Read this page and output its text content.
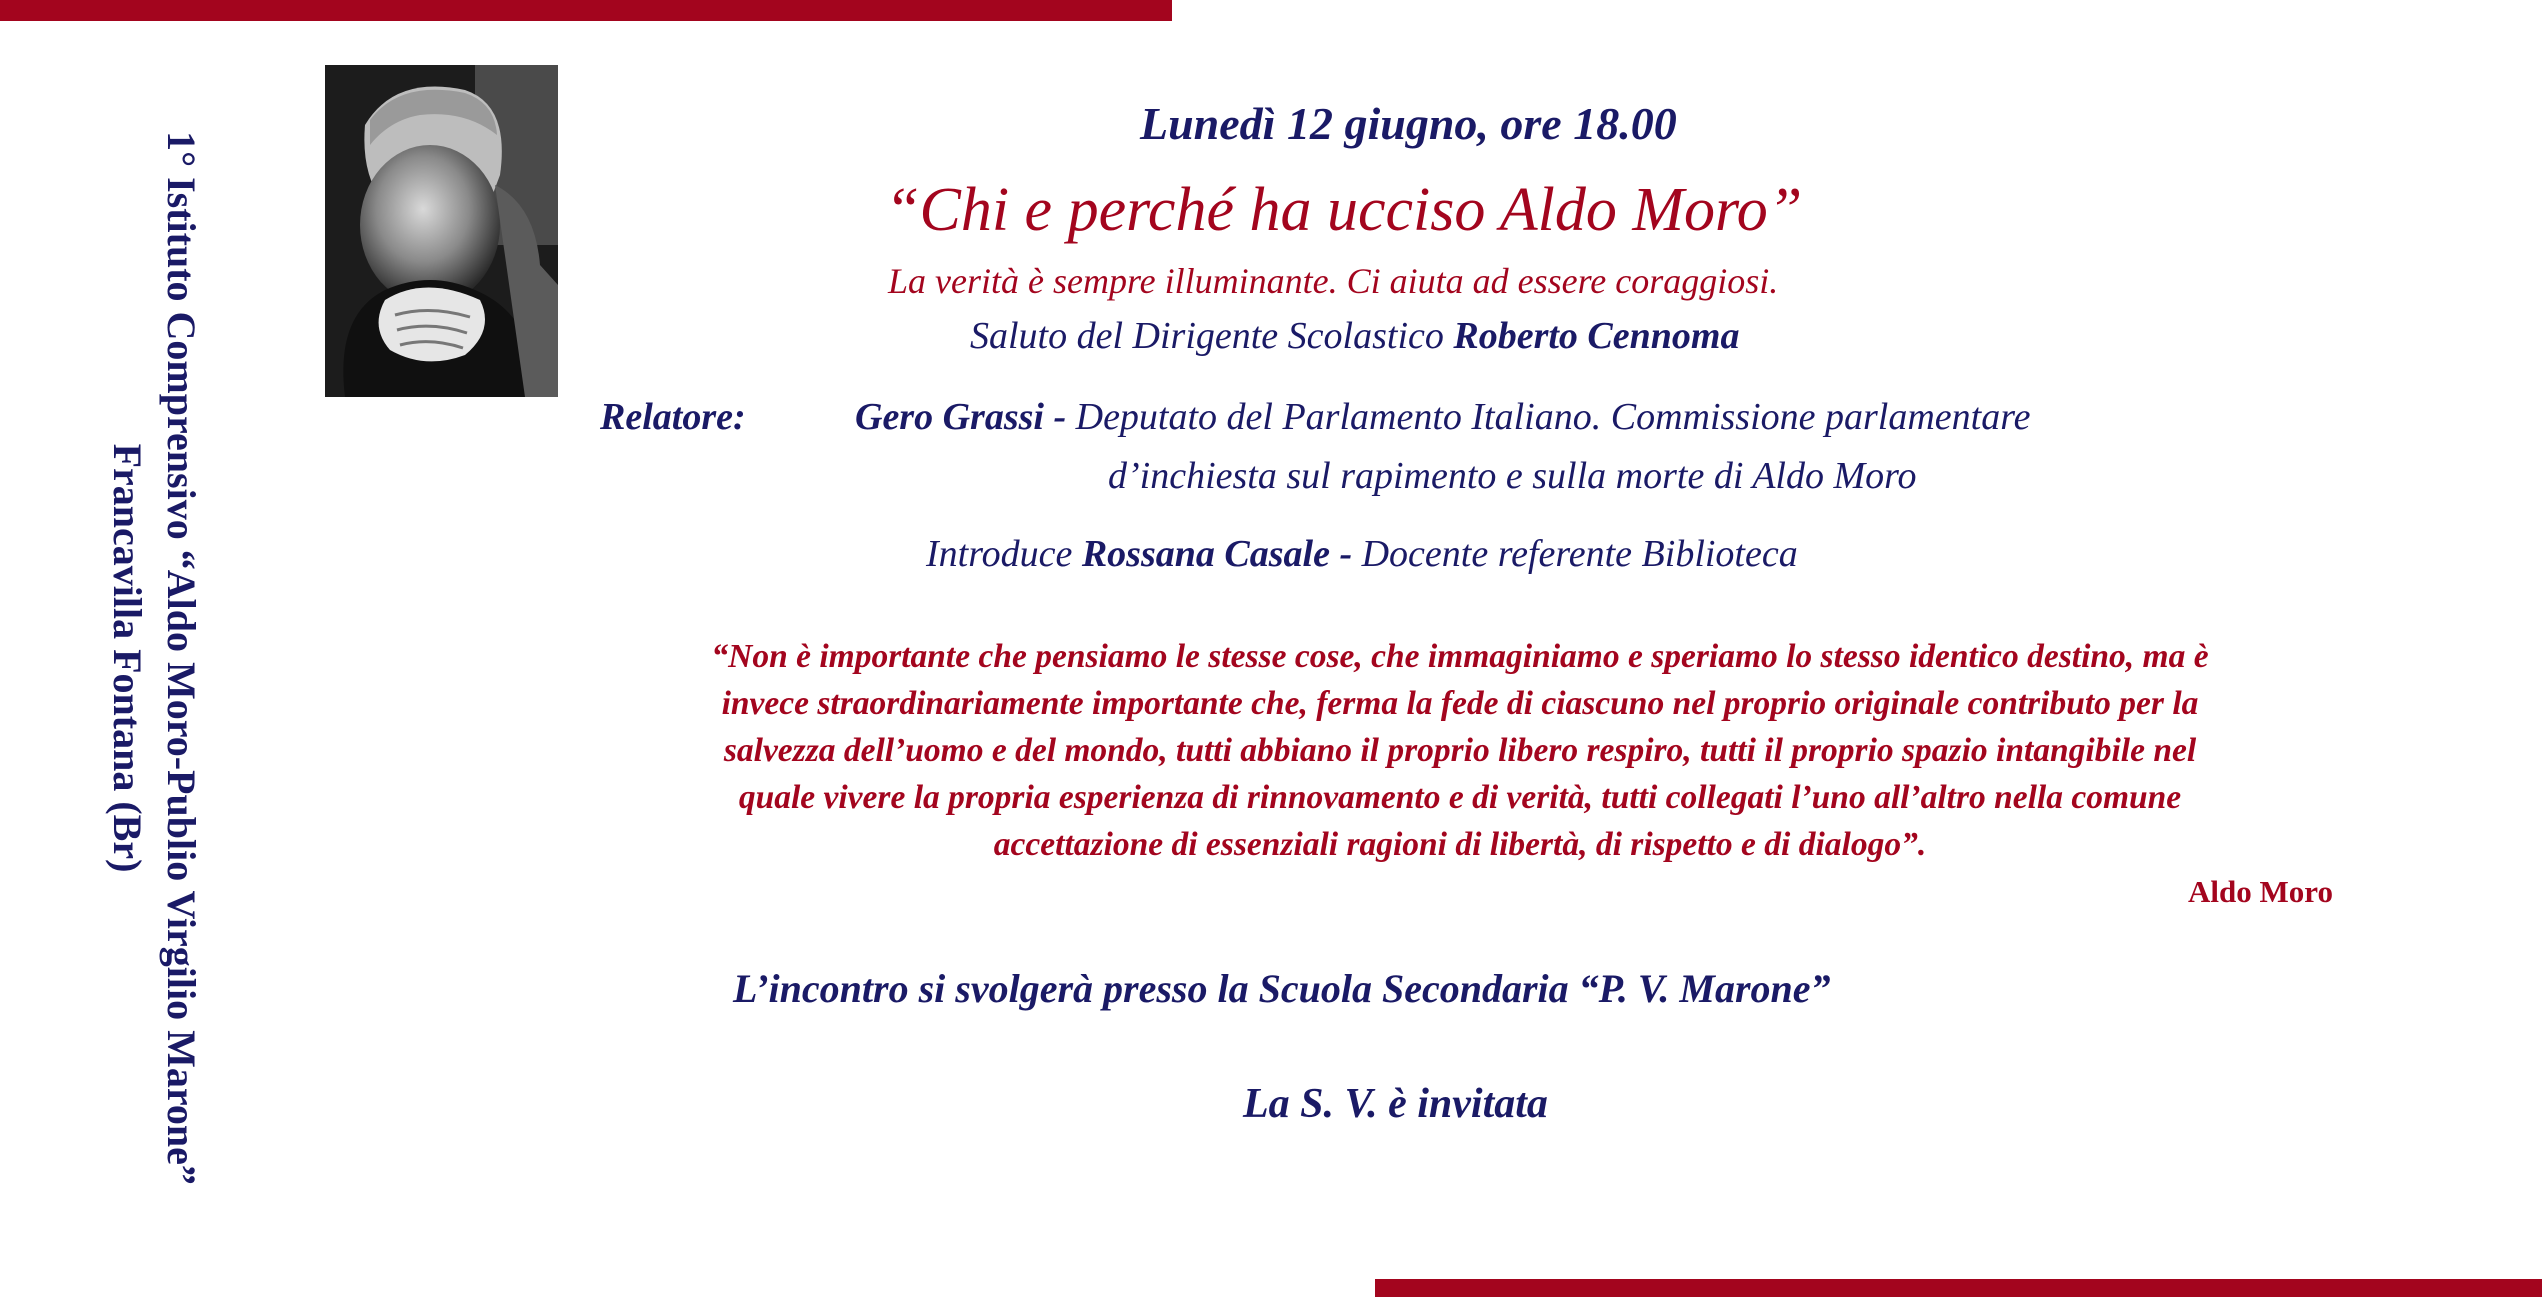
1° Istituto Comprensivo “Aldo Moro-Publio Virgilio Marone”
Francavilla Fontana (Br)
Lunedì 12 giugno, ore 18.00
“Chi e perché ha ucciso Aldo Moro”
La verità è sempre illuminante. Ci aiuta ad essere coraggiosi.
Saluto del Dirigente Scolastico Roberto Cennoma
Relatore:	Gero Grassi - Deputato del Parlamento Italiano. Commissione parlamentare
d’inchiesta sul rapimento e sulla morte di Aldo Moro
Introduce Rossana Casale - Docente referente Biblioteca
“Non è importante che pensiamo le stesse cose, che immaginiamo e speriamo lo stesso identico destino, ma è
invece straordinariamente importante che, ferma la fede di ciascuno nel proprio originale contributo per la
salvezza dell’uomo e del mondo, tutti abbiano il proprio libero respiro, tutti il proprio spazio intangibile nel
quale vivere la propria esperienza di rinnovamento e di verità, tutti collegati l’uno all’altro nella comune
accettazione di essenziali ragioni di libertà, di rispetto e di dialogo”.
Aldo Moro
L’incontro si svolgerà presso la Scuola Secondaria “P. V. Marone”
La S. V. è invitata
